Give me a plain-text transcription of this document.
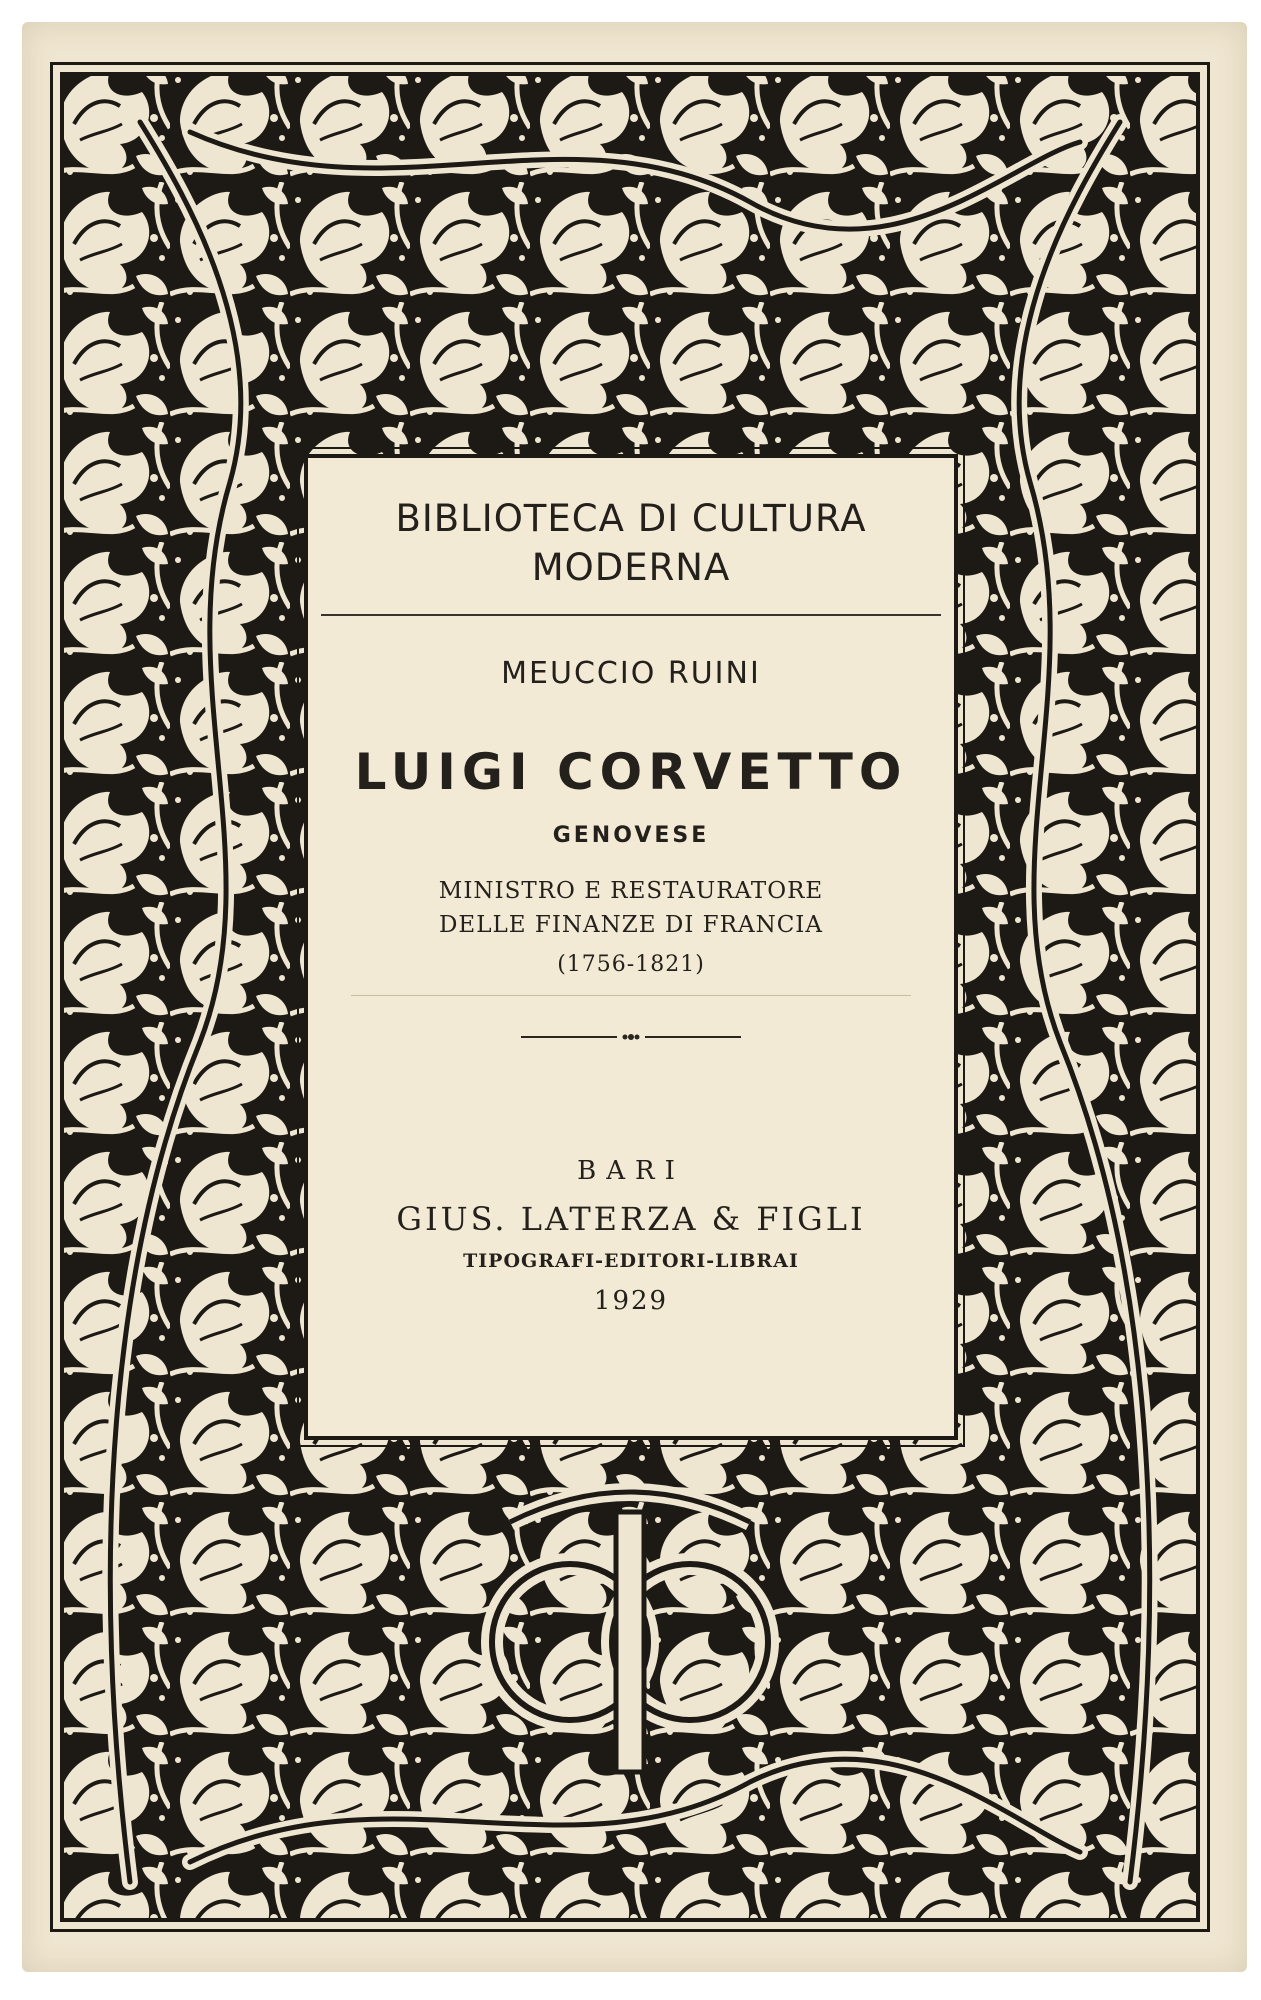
BIBLIOTECA DI CULTURA
MODERNA
MEUCCIO RUINI
LUIGI CORVETTO
GENOVESE
MINISTRO E RESTAURATORE
DELLE FINANZE DI FRANCIA
(1756-1821)
BARI
GIUS. LATERZA & FIGLI
TIPOGRAFI-EDITORI-LIBRAI
1929
